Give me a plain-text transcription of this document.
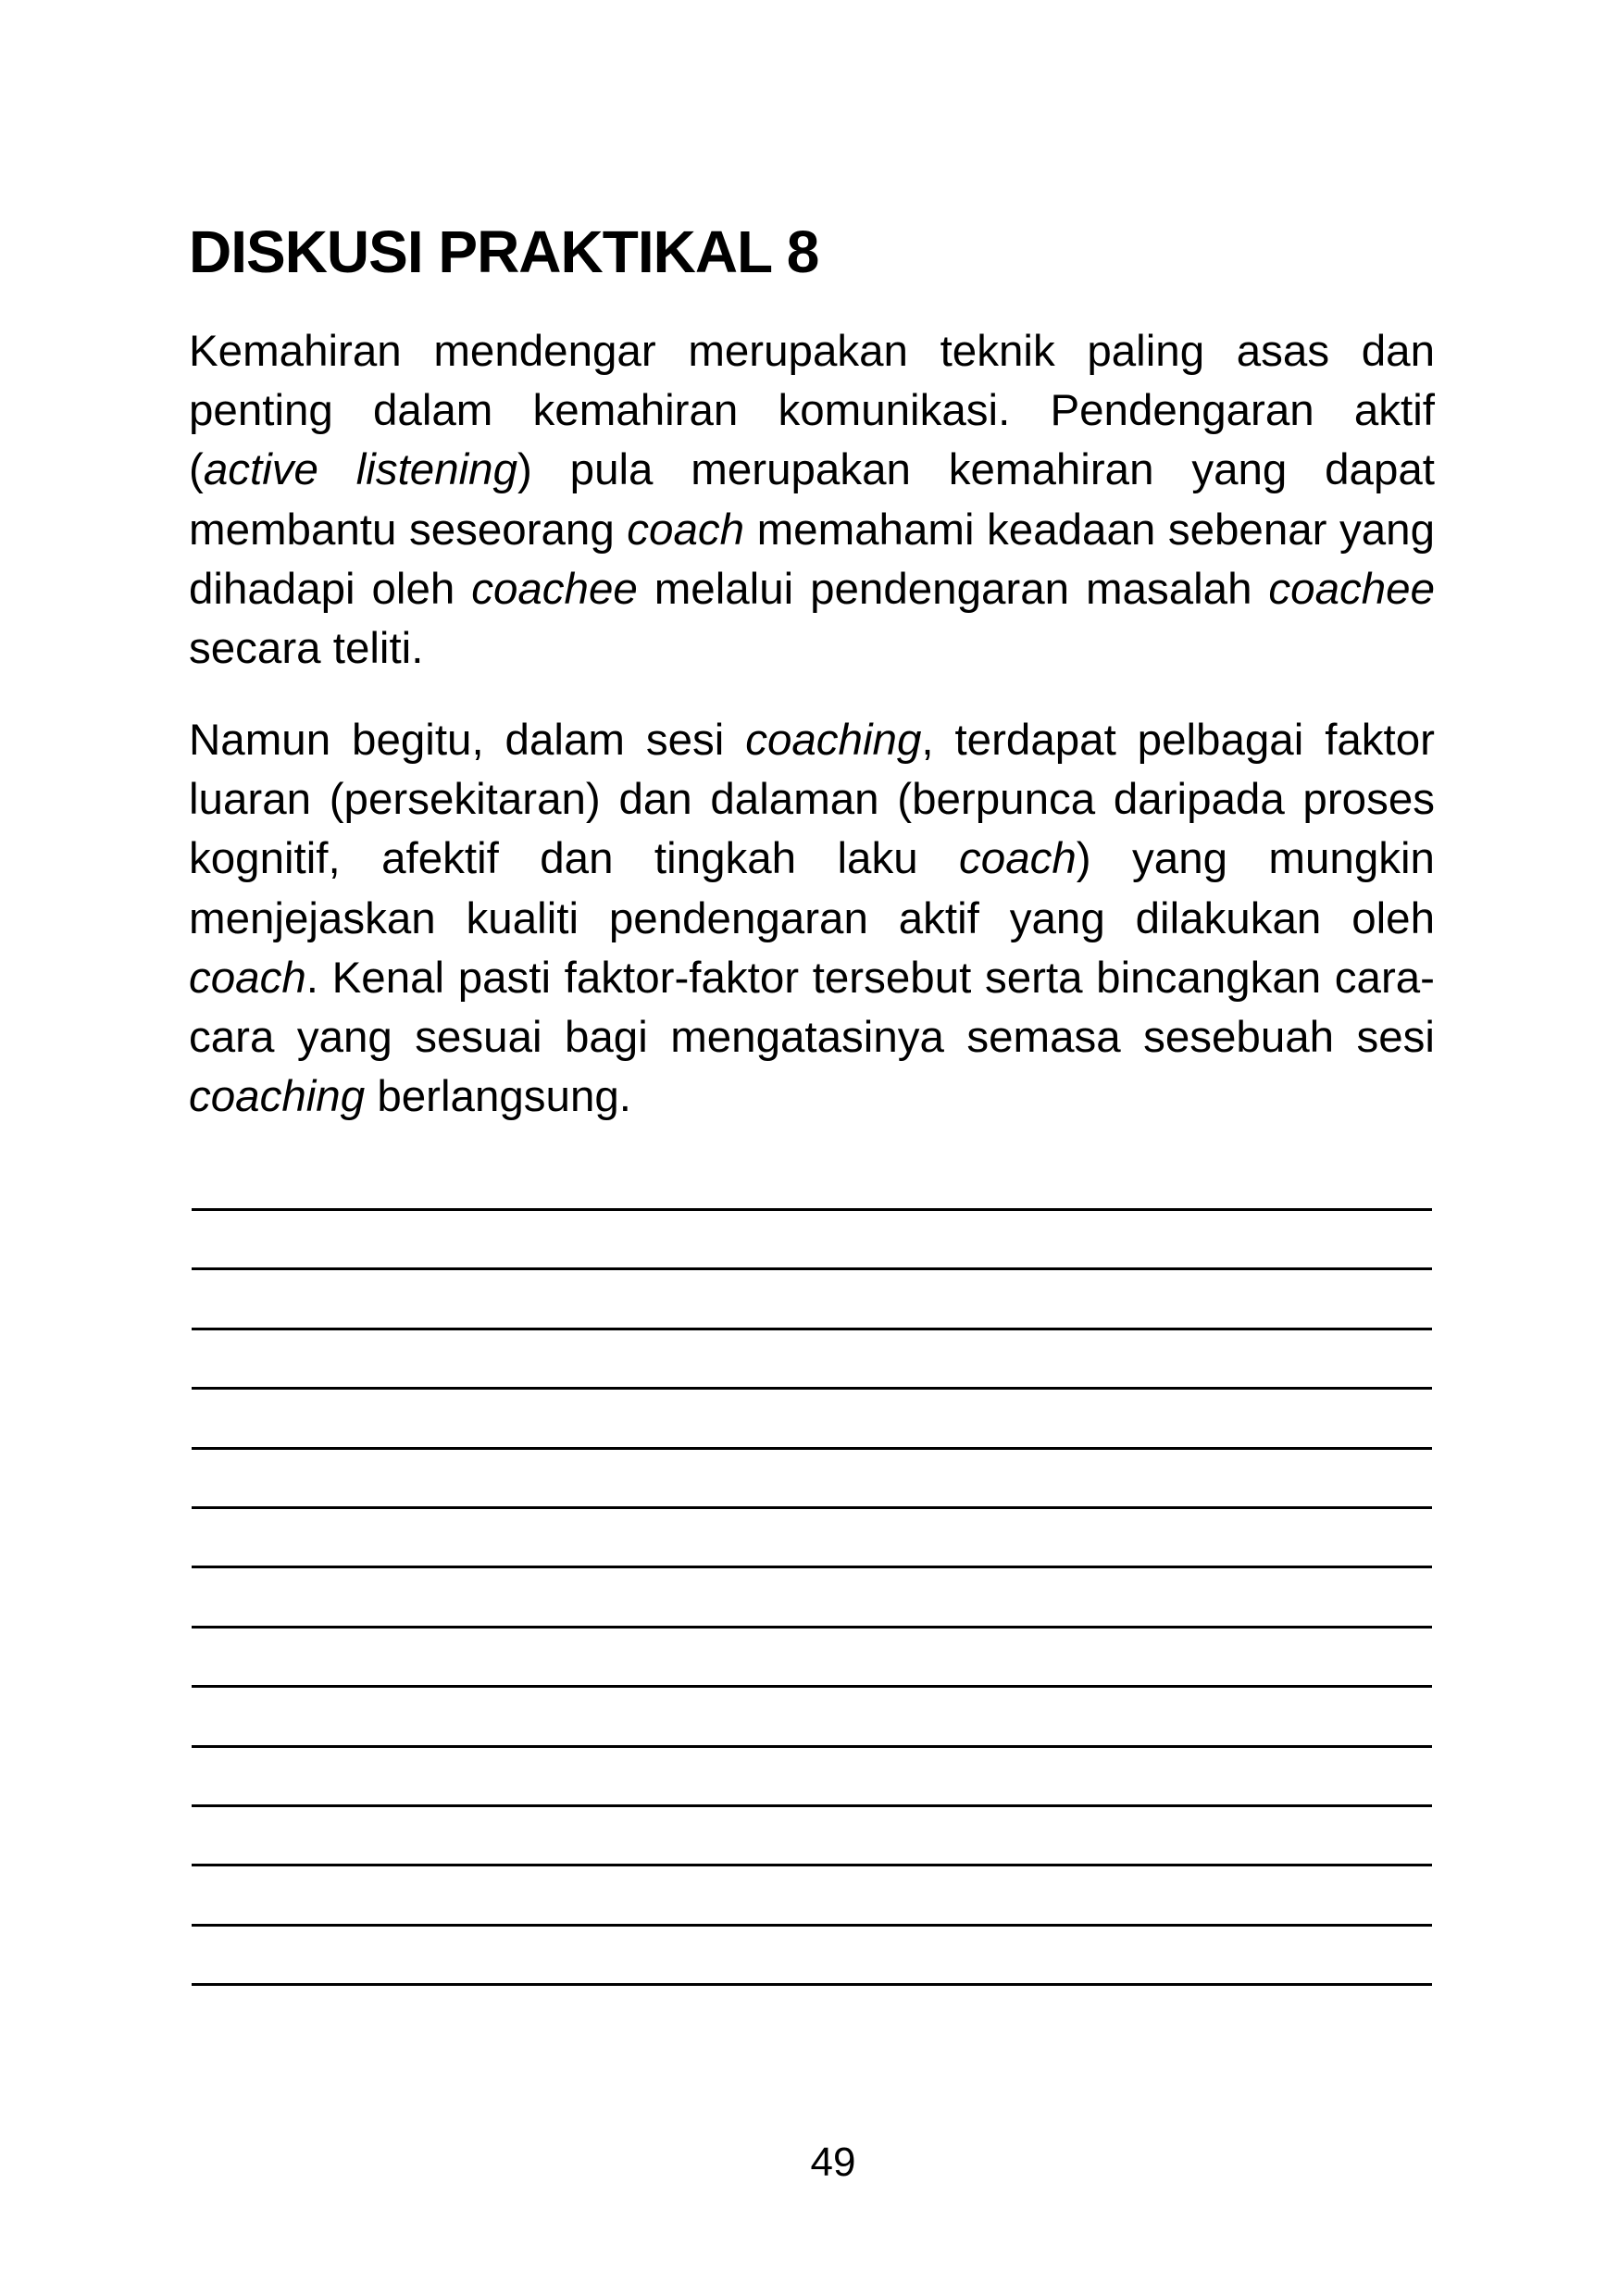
DISKUSI PRAKTIKAL 8

Kemahiran mendengar merupakan teknik paling asas dan penting dalam kemahiran komunikasi. Pendengaran aktif (active listening) pula merupakan kemahiran yang dapat membantu seseorang coach memahami keadaan sebenar yang dihadapi oleh coachee melalui pendengaran masalah coachee secara teliti.

Namun begitu, dalam sesi coaching, terdapat pelbagai faktor luaran (persekitaran) dan dalaman (berpunca daripada proses kognitif, afektif dan tingkah laku coach) yang mungkin menjejaskan kualiti pendengaran aktif yang dilakukan oleh coach. Kenal pasti faktor-faktor tersebut serta bincangkan cara-cara yang sesuai bagi mengatasinya semasa sesebuah sesi coaching berlangsung.

49
